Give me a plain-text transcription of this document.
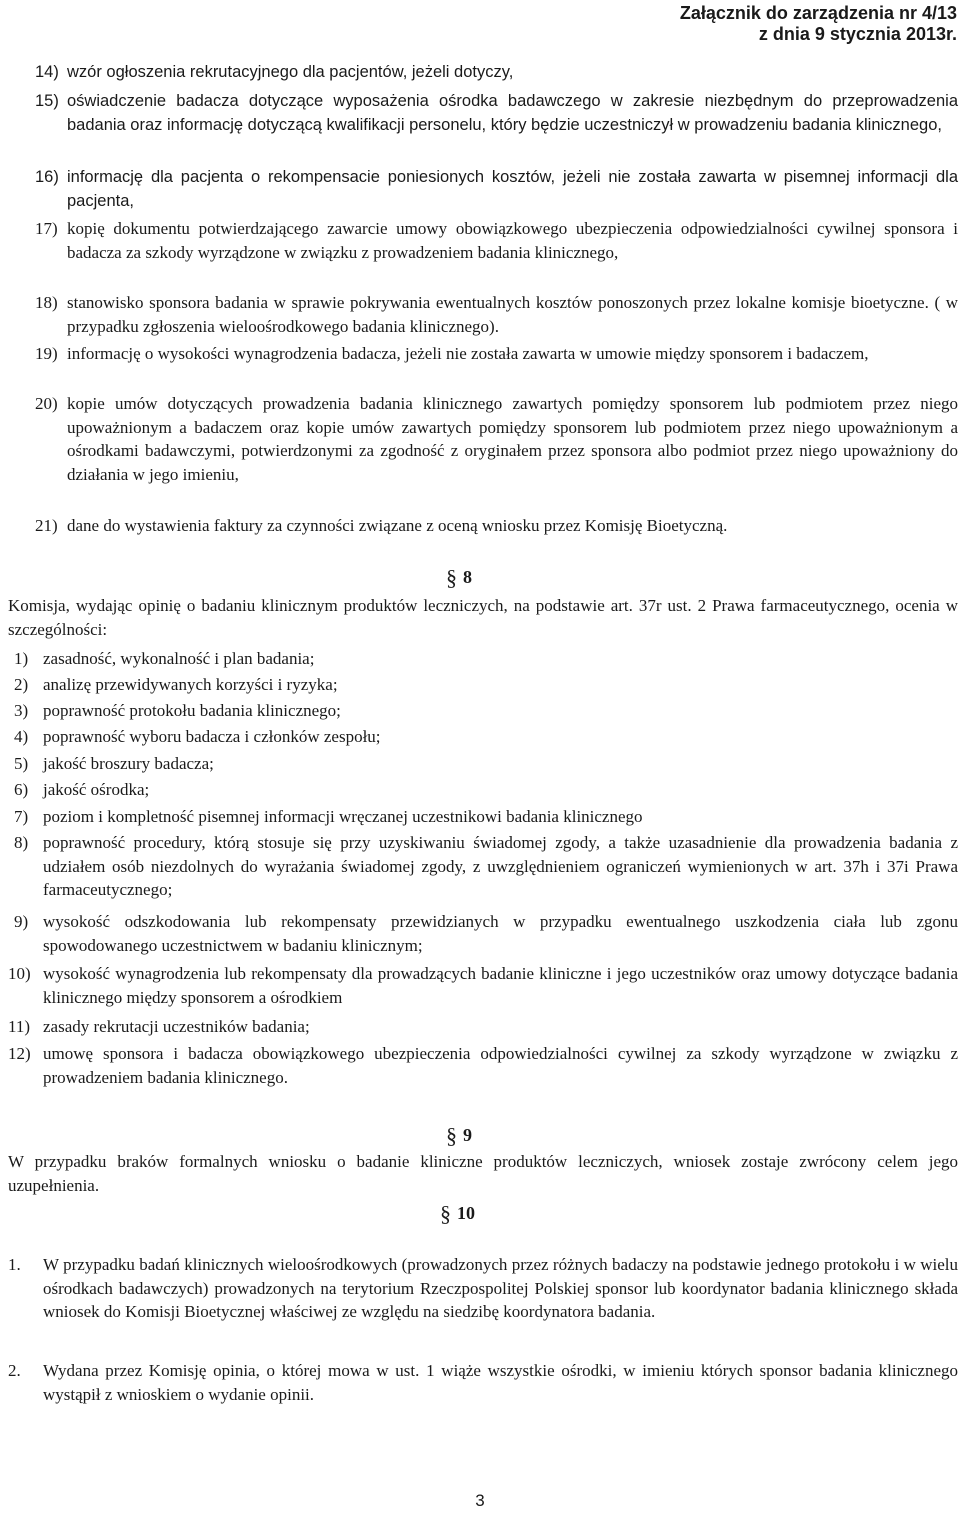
Załącznik do zarządzenia nr 4/13
z dnia 9 stycznia 2013r.
14) wzór ogłoszenia rekrutacyjnego dla pacjentów, jeżeli dotyczy,
15) oświadczenie badacza dotyczące wyposażenia ośrodka badawczego w zakresie niezbędnym do przeprowadzenia badania oraz informację dotyczącą kwalifikacji personelu, który będzie uczestniczył w prowadzeniu badania klinicznego,
16) informację dla pacjenta o rekompensacie poniesionych kosztów, jeżeli nie została zawarta w pisemnej informacji dla pacjenta,
17) kopię dokumentu potwierdzającego zawarcie umowy obowiązkowego ubezpieczenia odpowiedzialności cywilnej sponsora i badacza za szkody wyrządzone w związku z prowadzeniem badania klinicznego,
18) stanowisko sponsora badania w sprawie pokrywania ewentualnych kosztów ponoszonych przez lokalne komisje bioetyczne. ( w przypadku zgłoszenia wieloośrodkowego badania klinicznego).
19) informację o wysokości wynagrodzenia badacza, jeżeli nie została zawarta w umowie między sponsorem i badaczem,
20) kopie umów dotyczących prowadzenia badania klinicznego zawartych pomiędzy sponsorem lub podmiotem przez niego upoważnionym a badaczem oraz kopie umów zawartych pomiędzy sponsorem lub podmiotem przez niego upoważnionym a ośrodkami badawczymi, potwierdzonymi za zgodność z oryginałem przez sponsora albo podmiot przez niego upoważniony do działania w jego imieniu,
21) dane do wystawienia faktury za czynności związane z oceną wniosku przez Komisję Bioetyczną.
§ 8
Komisja, wydając opinię o badaniu klinicznym produktów leczniczych, na podstawie art. 37r ust. 2 Prawa farmaceutycznego, ocenia w szczególności:
1) zasadność, wykonalność i plan badania;
2) analizę przewidywanych korzyści i ryzyka;
3) poprawność protokołu badania klinicznego;
4) poprawność wyboru badacza i członków zespołu;
5) jakość broszury badacza;
6) jakość ośrodka;
7) poziom i kompletność pisemnej informacji wręczanej uczestnikowi badania klinicznego
8) poprawność procedury, którą stosuje się przy uzyskiwaniu świadomej zgody, a także uzasadnienie dla prowadzenia badania z udziałem osób niezdolnych do wyrażania świadomej zgody, z uwzględnieniem ograniczeń wymienionych w art. 37h i 37i Prawa farmaceutycznego;
9) wysokość odszkodowania lub rekompensaty przewidzianych w przypadku ewentualnego uszkodzenia ciała lub zgonu spowodowanego uczestnictwem w badaniu klinicznym;
10) wysokość wynagrodzenia lub rekompensaty dla prowadzących badanie kliniczne i jego uczestników oraz umowy dotyczące badania klinicznego między sponsorem a ośrodkiem
11) zasady rekrutacji uczestników badania;
12) umowę sponsora i badacza obowiązkowego ubezpieczenia odpowiedzialności cywilnej za szkody wyrządzone w związku z prowadzeniem badania klinicznego.
§ 9
W przypadku braków formalnych wniosku o badanie kliniczne produktów leczniczych, wniosek zostaje zwrócony celem jego uzupełnienia.
§ 10
1. W przypadku badań klinicznych wieloośrodkowych (prowadzonych przez różnych badaczy na podstawie jednego protokołu i w wielu ośrodkach badawczych) prowadzonych na terytorium Rzeczpospolitej Polskiej sponsor lub koordynator badania klinicznego składa wniosek do Komisji Bioetycznej właściwej ze względu na siedzibę koordynatora badania.
2. Wydana przez Komisję opinia, o której mowa w ust. 1 wiąże wszystkie ośrodki, w imieniu których sponsor badania klinicznego wystąpił z wnioskiem o wydanie opinii.
3
